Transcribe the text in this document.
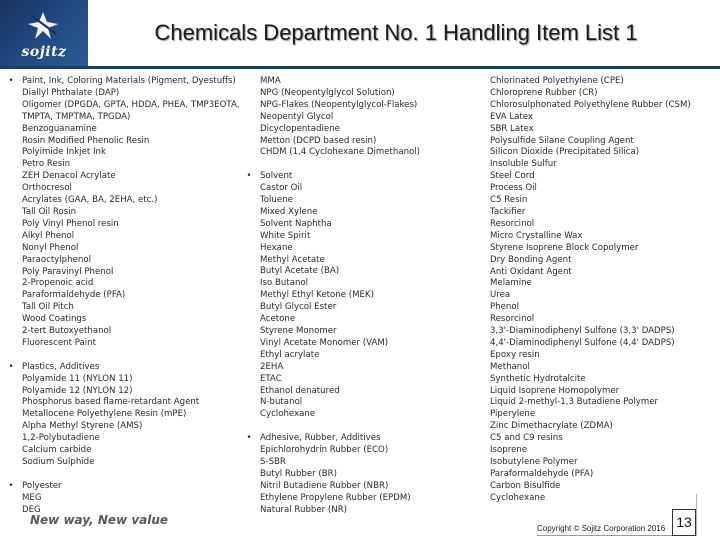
sojitz
Chemicals Department No. 1 Handling Item List 1
• Paint, Ink, Coloring Materials (Pigment, Dyestuffs)
Diallyl Phthalate (DAP)
Oligomer (DPGDA, GPTA, HDDA, PHEA, TMP3EOTA,
TMPTA, TMPTMA, TPGDA)
Benzoguanamine
Rosin Modified Phenolic Resin
Polyimide Inkjet Ink
Petro Resin
ZEH Denacol Acrylate
Orthocresol
Acrylates (GAA, BA, 2EHA, etc.)
Tall Oil Rosin
Poly Vinyl Phenol resin
Alkyl Phenol
Nonyl Phenol
Paraoctylphenol
Poly Paravinyl Phenol
2-Propenoic acid
Paraformaldehyde (PFA)
Tall Oil Pitch
Wood Coatings
2-tert Butoxyethanol
Fluorescent Paint
• Plastics, Additives
Polyamide 11 (NYLON 11)
Polyamide 12 (NYLON 12)
Phosphorus based flame-retardant Agent
Metallocene Polyethylene Resin (mPE)
Alpha Methyl Styrene (AMS)
1,2-Polybutadiene
Calcium carbide
Sodium Sulphide
• Polyester
MEG
DEG
MMA
NPG (Neopentylglycol Solution)
NPG-Flakes (Neopentylglycol-Flakes)
Neopentyl Glycol
Dicyclopentadiene
Metton (DCPD based resin)
CHDM (1,4 Cyclohexane Dimethanol)
• Solvent
Castor Oil
Toluene
Mixed Xylene
Solvent Naphtha
White Spirit
Hexane
Methyl Acetate
Butyl Acetate (BA)
Iso Butanol
Methyl Ethyl Ketone (MEK)
Butyl Glycol Ester
Acetone
Styrene Monomer
Vinyl Acetate Monomer (VAM)
Ethyl acrylate
2EHA
ETAC
Ethanol denatured
N-butanol
Cyclohexane
• Adhesive, Rubber, Additives
Epichlorohydrin Rubber (ECO)
S-SBR
Butyl Rubber (BR)
Nitril Butadiene Rubber (NBR)
Ethylene Propylene Rubber (EPDM)
Natural Rubber (NR)
Chlorinated Polyethylene (CPE)
Chloroprene Rubber (CR)
Chlorosulphonated Polyethylene Rubber (CSM)
EVA Latex
SBR Latex
Polysulfide Silane Coupling Agent
Silicon Dioxide (Precipitated Silica)
Insoluble Sulfur
Steel Cord
Process Oil
C5 Resin
Tackifier
Resorcinol
Micro Crystalline Wax
Styrene Isoprene Block Copolymer
Dry Bonding Agent
Anti Oxidant Agent
Melamine
Urea
Phenol
Resorcinol
3,3'-Diaminodiphenyl Sulfone (3,3' DADPS)
4,4'-Diaminodiphenyl Sulfone (4,4' DADPS)
Epoxy resin
Methanol
Synthetic Hydrotalcite
Liquid Isoprene Homopolymer
Liquid 2-methyl-1,3 Butadiene Polymer
Piperylene
Zinc Dimethacrylate (ZDMA)
C5 and C9 resins
Isoprene
Isobutylene Polymer
Paraformaldehyde (PFA)
Carbon Bisulfide
Cyclohexane
New way, New value
Copyright © Sojitz Corporation 2016 13
